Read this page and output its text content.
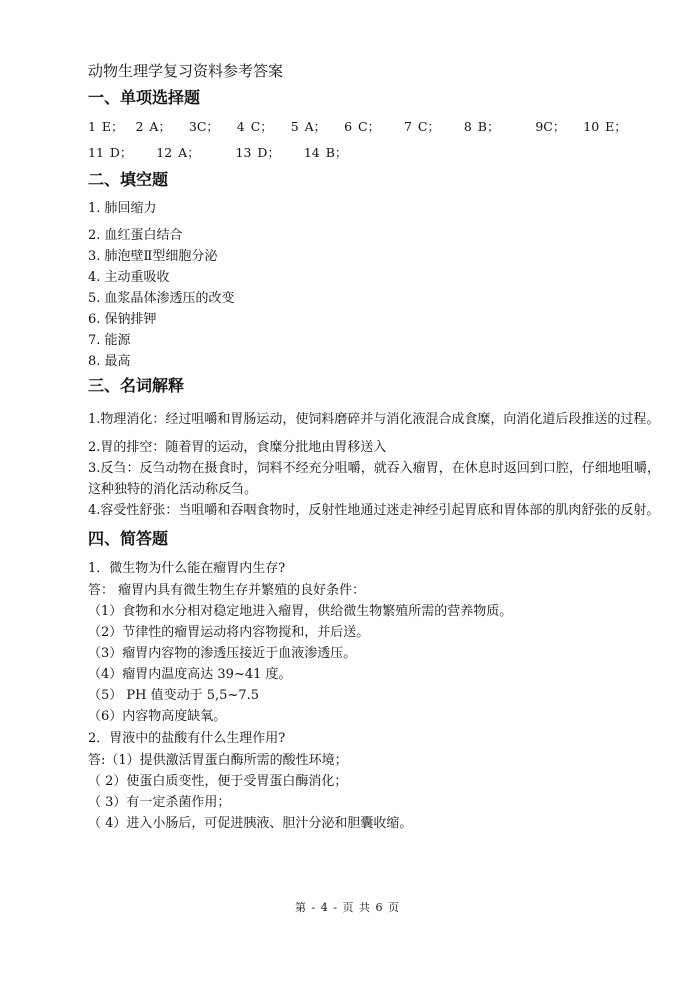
动物生理学复习资料参考答案
一、单项选择题
1 E；  2 A；   3C；   4 C；   5 A；   6 C；    7 C；    8 B；      9C；   10 E；
11 D；    12 A；      13 D；    14 B；
二、填空题
1. 肺回缩力
2. 血红蛋白结合
3. 肺泡壁Ⅱ型细胞分泌
4. 主动重吸收
5. 血浆晶体渗透压的改变
6. 保钠排钾
7. 能源
8. 最高
三、名词解释
1.物理消化：经过咀嚼和胃肠运动，使饲料磨碎并与消化液混合成食糜，向消化道后段推送的过程。
2.胃的排空：随着胃的运动，食糜分批地由胃移送入
3.反刍：反刍动物在摄食时，饲料不经充分咀嚼，就吞入瘤胃，在休息时返回到口腔，仔细地咀嚼，这种独特的消化活动称反刍。
4.容受性舒张：当咀嚼和吞咽食物时，反射性地通过迷走神经引起胃底和胃体部的肌肉舒张的反射。
四、简答题
1．微生物为什么能在瘤胃内生存?
答： 瘤胃内具有微生物生存并繁殖的良好条件：
（1）食物和水分相对稳定地进入瘤胃，供给微生物繁殖所需的营养物质。
（2）节律性的瘤胃运动将内容物搅和，并后送。
（3）瘤胃内容物的渗透压接近于血液渗透压。
（4）瘤胃内温度高达 39~41 度。
（5） PH 值变动于 5,5~7.5
（6）内容物高度缺氧。
2．胃液中的盐酸有什么生理作用?
答:（1）提供激活胃蛋白酶所需的酸性环境；
（ 2）使蛋白质变性，便于受胃蛋白酶消化；
（ 3）有一定杀菌作用；
（ 4）进入小肠后，可促进胰液、胆汁分泌和胆囊收缩。
第 - 4 - 页 共 6 页
